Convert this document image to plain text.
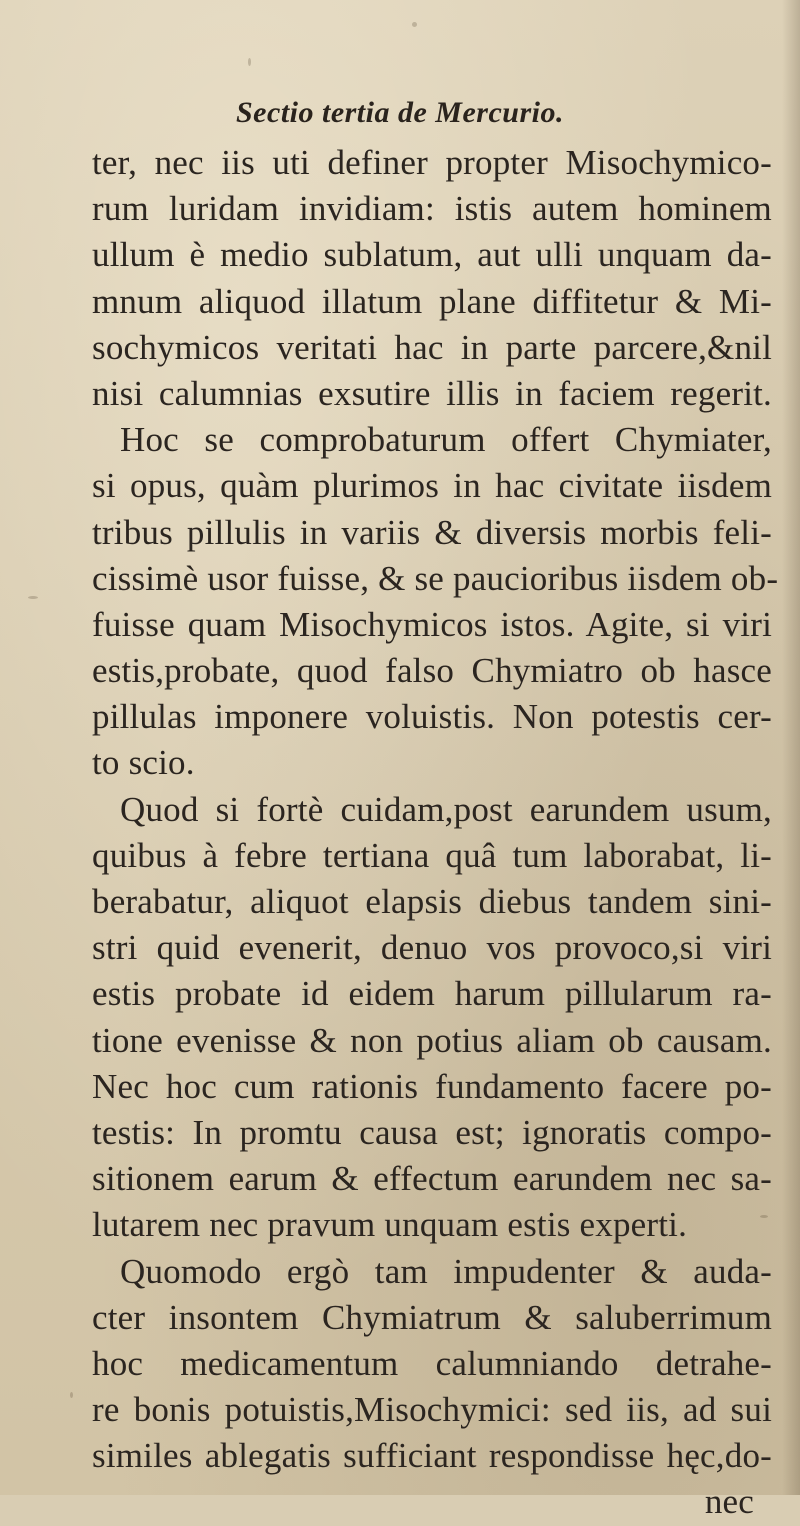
Sectio tertia de Mercurio.
ter, nec iis uti definer propter Misochymico-
rum luridam invidiam: istis autem hominem
ullum è medio sublatum, aut ulli unquam da-
mnum aliquod illatum plane diffitetur & Mi-
sochymicos veritati hac in parte parcere,&nil
nisi calumnias exsutire illis in faciem regerit.
Hoc se comprobaturum offert Chymiater,
si opus, quàm plurimos in hac civitate iisdem
tribus pillulis in variis & diversis morbis feli-
cissimè usor fuisse, & se paucioribus iisdem ob-
fuisse quam Misochymicos istos. Agite, si viri
estis,probate, quod falso Chymiatro ob hasce
pillulas imponere voluistis. Non potestis cer-
to scio.
Quod si fortè cuidam,post earundem usum,
quibus à febre tertiana quâ tum laborabat, li-
berabatur, aliquot elapsis diebus tandem sini-
stri quid evenerit, denuo vos provoco,si viri
estis probate id eidem harum pillularum ra-
tione evenisse & non potius aliam ob causam.
Nec hoc cum rationis fundamento facere po-
testis: In promtu causa est; ignoratis compo-
sitionem earum & effectum earundem nec sa-
lutarem nec pravum unquam estis experti.
Quomodo ergò tam impudenter & auda-
cter insontem Chymiatrum & saluberrimum
hoc medicamentum calumniando detrahe-
re bonis potuistis,Misochymici: sed iis, ad sui
similes ablegatis sufficiant respondisse hęc,do-
nec
